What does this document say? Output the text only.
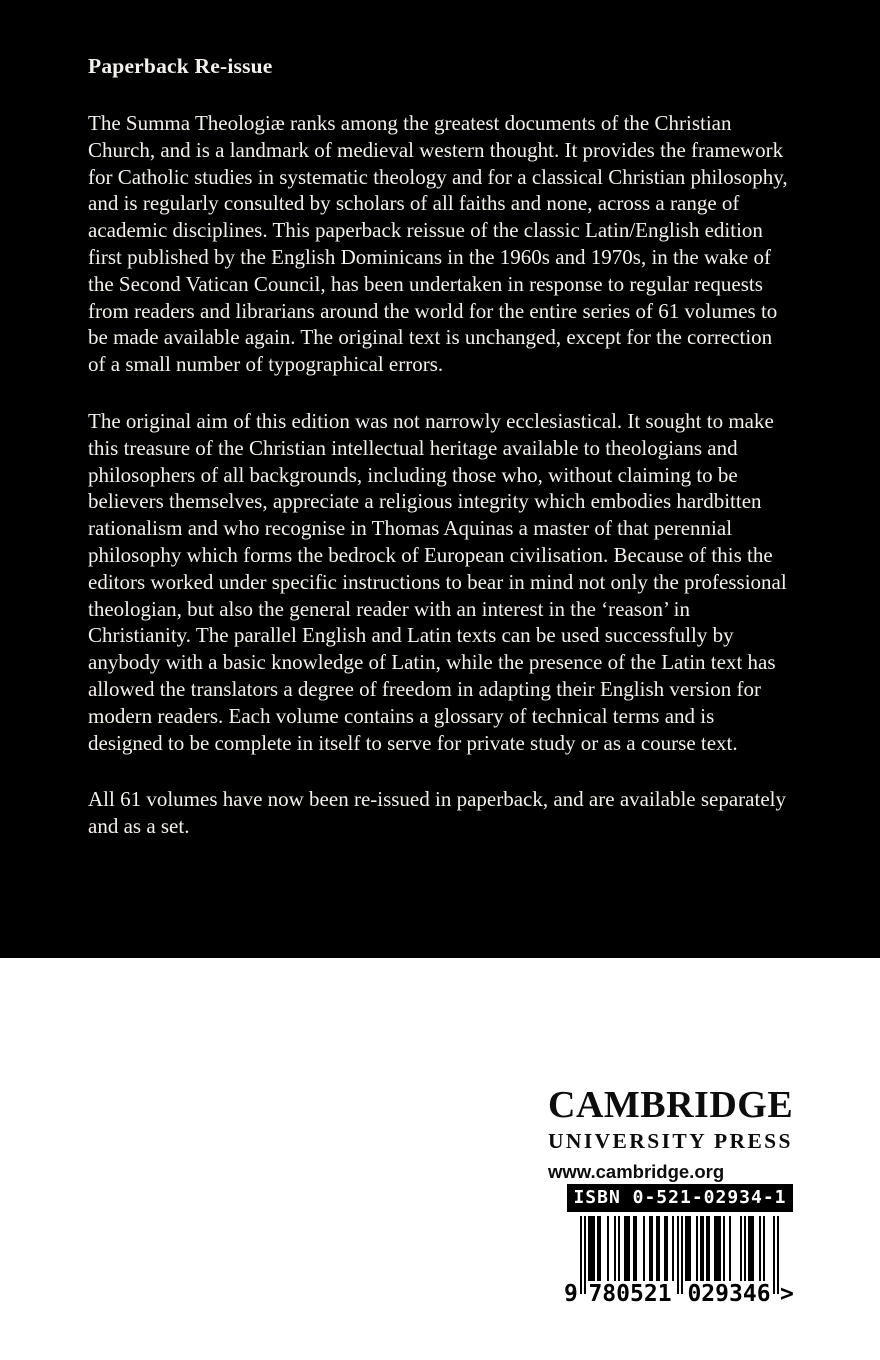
Paperback Re-issue

The Summa Theologiæ ranks among the greatest documents of the Christian Church, and is a landmark of medieval western thought. It provides the framework for Catholic studies in systematic theology and for a classical Christian philosophy, and is regularly consulted by scholars of all faiths and none, across a range of academic disciplines. This paperback reissue of the classic Latin/English edition first published by the English Dominicans in the 1960s and 1970s, in the wake of the Second Vatican Council, has been undertaken in response to regular requests from readers and librarians around the world for the entire series of 61 volumes to be made available again. The original text is unchanged, except for the correction of a small number of typographical errors.

The original aim of this edition was not narrowly ecclesiastical. It sought to make this treasure of the Christian intellectual heritage available to theologians and philosophers of all backgrounds, including those who, without claiming to be believers themselves, appreciate a religious integrity which embodies hardbitten rationalism and who recognise in Thomas Aquinas a master of that perennial philosophy which forms the bedrock of European civilisation. Because of this the editors worked under specific instructions to bear in mind not only the professional theologian, but also the general reader with an interest in the ‘reason’ in Christianity. The parallel English and Latin texts can be used successfully by anybody with a basic knowledge of Latin, while the presence of the Latin text has allowed the translators a degree of freedom in adapting their English version for modern readers. Each volume contains a glossary of technical terms and is designed to be complete in itself to serve for private study or as a course text.

All 61 volumes have now been re-issued in paperback, and are available separately and as a set.

CAMBRIDGE
UNIVERSITY PRESS
www.cambridge.org
ISBN 0-521-02934-1
9 780521 029346 >
